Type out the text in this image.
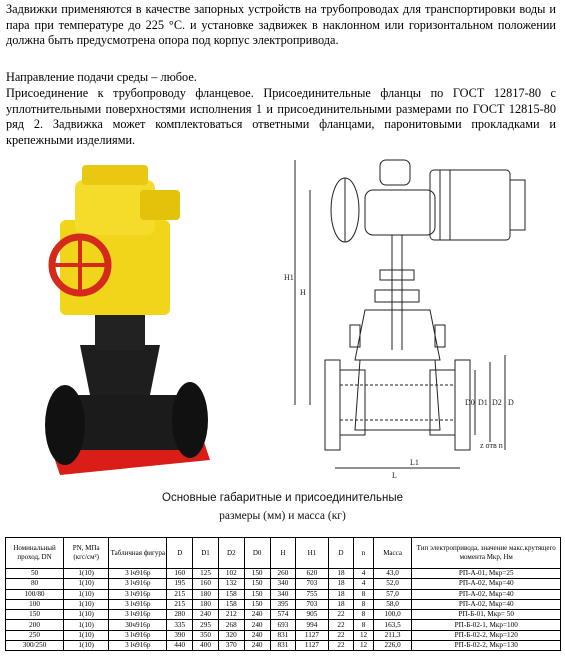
Задвижки применяются в качестве запорных устройств на трубопроводах для транспортировки воды и пара при температуре до 225 °С. и установке задвижек в наклонном или горизонтальном положении должна быть предусмотрена опора под корпус электропривода.

Направление подачи среды – любое.

Присоединение к трубопроводу фланцевое. Присоединительные фланцы по ГОСТ 12817-80 с уплотнительными поверхностями исполнения 1 и присоединительными размерами по ГОСТ 12815-80 ряд 2. Задвижка может комплектоваться ответными фланцами, паронитовыми прокладками и крепежными изделиями.

H1
H
D0 D1 D2 D
L
z отв n
L1
Основные габаритные и присоединительные
размеры (мм) и масса (кг)
Номинальный проход, DN	PN, МПа (кгс/см²)	Табличная фигура	D	D1	D2	D0	H	H1	D	n	Масса	Тип электропривода, значение макс.крутящего момента Мкр, Нм
50	1(10)	3 lч916р	160	125	102	150	260	620	18	4	43,0	РП-А-01, Мкр=25
80	1(10)	3 lч916р	195	160	132	150	340	703	18	4	52,0	РП-А-02, Мкр=40
100/80	1(10)	3 lч916р	215	180	158	150	340	755	18	8	57,0	РП-А-02, Мкр=40
100	1(10)	3 lч916р	215	180	158	150	395	703	18	8	58,0	РП-А-02, Мкр=40
150	1(10)	3 lч916р	280	240	212	240	574	905	22	8	100,0	РП-Б-01, Мкр= 50
200	1(10)	30ч916р	335	295	268	240	693	994	22	8	163,5	РП-Б-02-1, Мкр=100
250	1(10)	3 lч916р	390	350	320	240	831	1127	22	12	211,3	РП-Б-02-2, Мкр=120
300/250	1(10)	3 lч916р	440	400	370	240	831	1127	22	12	226,0	РП-Б-02-2, Мкр=130
